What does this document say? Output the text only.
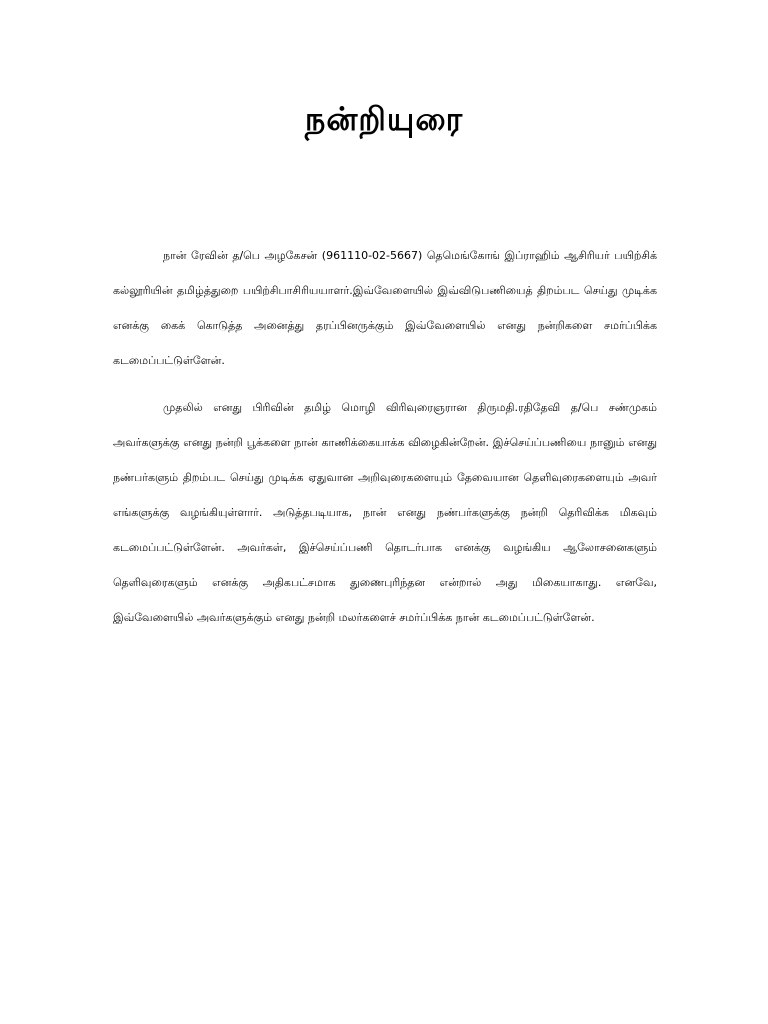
நன்றியுரை

நான் ரேவின் த/பெ அழகேசன் (961110-02-5667) தெமெங்கோங் இப்ராஹிம் ஆசிரியர் பயிற்சிக் கல்லூரியின் தமிழ்த்துறை பயிற்சிபாசிரியயாளர்.இவ்வேளையில் இவ்விடுபணியைத் திறம்பட செய்து முடிக்க எனக்கு கைக் கொடுத்த அனைத்து தரப்பினருக்கும் இவ்வேளையில் எனது நன்றிகளை சமர்ப்பிக்க கடமைப்பட்டுள்ளேன்.

முதலில் எனது பிரிவின் தமிழ் மொழி விரிவுரைஞரான திருமதி.ரதிதேவி த/பெ சண்முகம் அவர்களுக்கு எனது நன்றி பூக்களை நான் காணிக்கையாக்க விழைகின்றேன். இச்செய்ப்பணியை நானும் எனது நண்பர்களும் திறம்பட செய்து முடிக்க ஏதுவான அறிவுரைகளையும் தேவையான தெளிவுரைகளையும் அவர் எங்களுக்கு வழங்கியுள்ளார். அடுத்தபடியாக, நான் எனது நண்பர்களுக்கு நன்றி தெரிவிக்க மிகவும் கடமைப்பட்டுள்ளேன். அவர்கள், இச்செய்ப்பணி தொடர்பாக எனக்கு வழங்கிய ஆலோசனைகளும் தெளிவுரைகளும் எனக்கு அதிகபட்சமாக துணைபுரிந்தன என்றால் அது மிகையாகாது. எனவே, இவ்வேளையில் அவர்களுக்கும் எனது நன்றி மலர்களைச் சமர்ப்பிக்க நான் கடமைப்பட்டுள்ளேன்.
